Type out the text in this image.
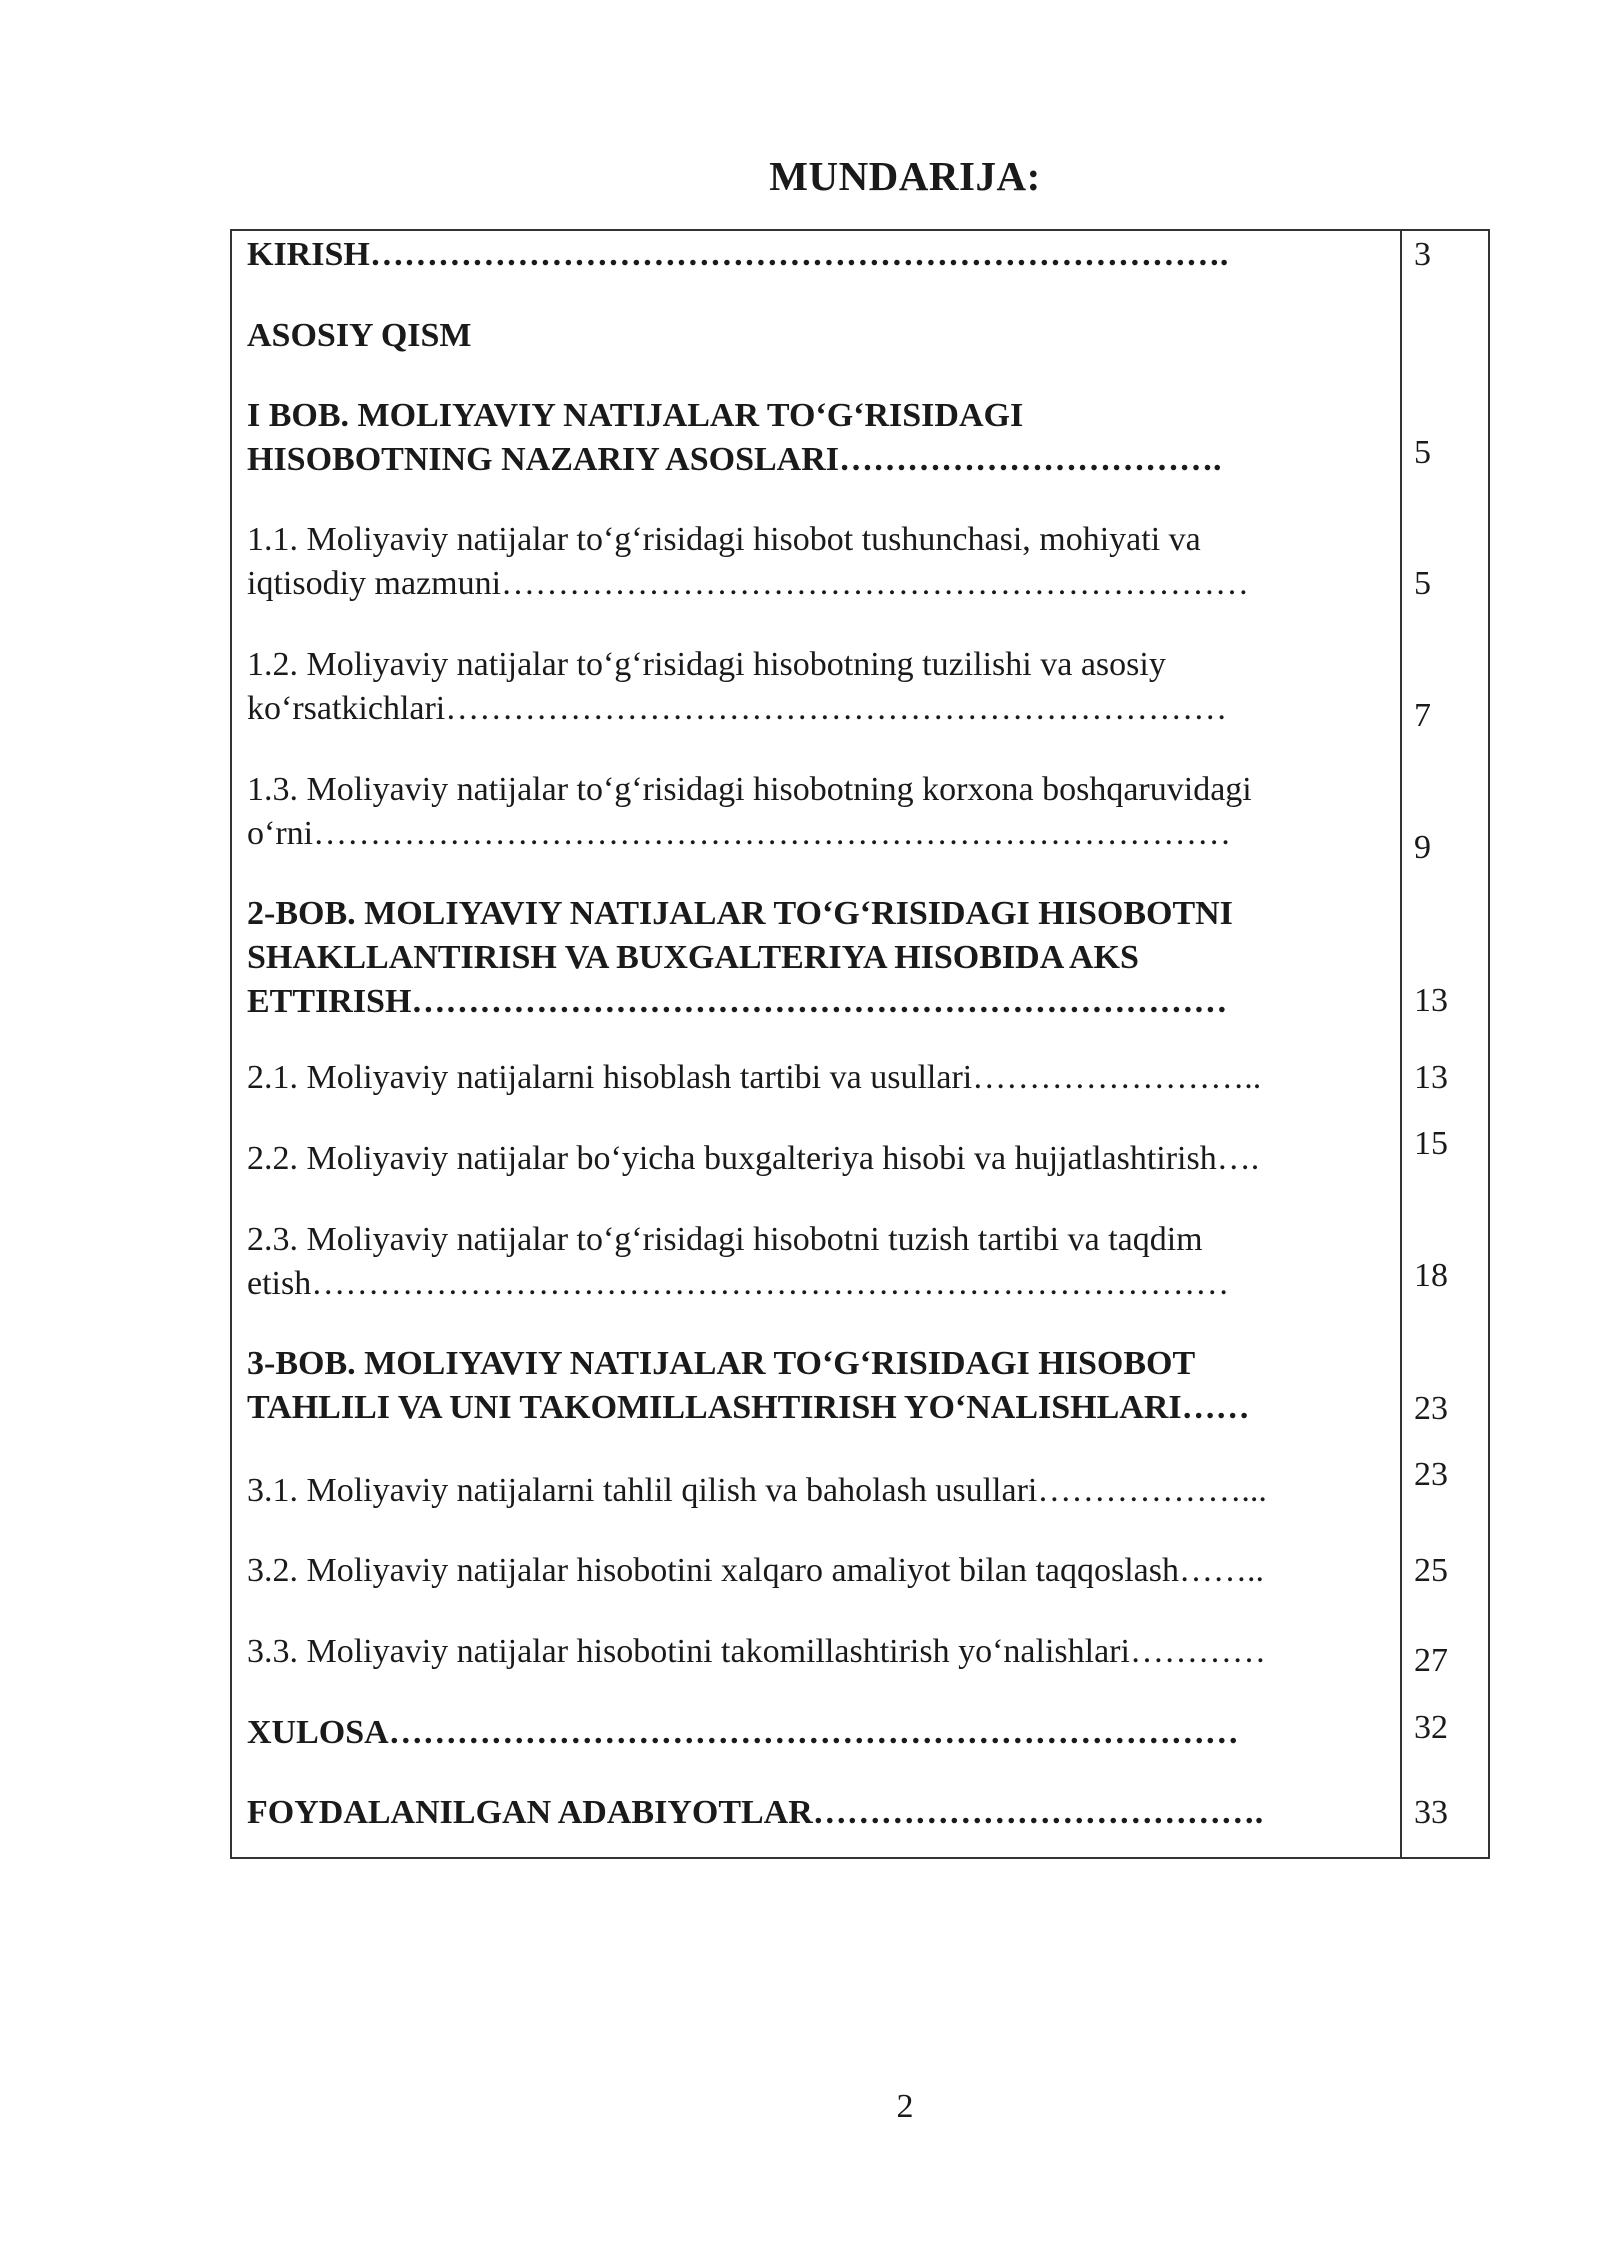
MUNDARIJA:
KIRISH………………………………………………………………….	3
ASOSIY QISM
I BOB. MOLIYAVIY NATIJALAR TO‘G‘RISIDAGI
HISOBOTNING NAZARIY ASOSLARI…………………………….	5
1.1. Moliyaviy natijalar to‘g‘risidagi hisobot tushunchasi, mohiyati va
iqtisodiy mazmuni…………………………………………………………	5
1.2. Moliyaviy natijalar to‘g‘risidagi hisobotning tuzilishi va asosiy
ko‘rsatkichlari……………………………………………………………	7
1.3. Moliyaviy natijalar to‘g‘risidagi hisobotning korxona boshqaruvidagi
o‘rni………………………………………………………………………	9
2-BOB. MOLIYAVIY NATIJALAR TO‘G‘RISIDAGI HISOBOTNI
SHAKLLANTIRISH VA BUXGALTERIYA HISOBIDA AKS
ETTIRISH………………………………………………………………	13
2.1. Moliyaviy natijalarni hisoblash tartibi va usullari……………………..	13
2.2. Moliyaviy natijalar bo‘yicha buxgalteriya hisobi va hujjatlashtirish….	15
2.3. Moliyaviy natijalar to‘g‘risidagi hisobotni tuzish tartibi va taqdim
etish………………………………………………………………………	18
3-BOB. MOLIYAVIY NATIJALAR TO‘G‘RISIDAGI HISOBOT
TAHLILI VA UNI TAKOMILLASHTIRISH YO‘NALISHLARI……	23
3.1. Moliyaviy natijalarni tahlil qilish va baholash usullari………………...	23
3.2. Moliyaviy natijalar hisobotini xalqaro amaliyot bilan taqqoslash……..	25
3.3. Moliyaviy natijalar hisobotini takomillashtirish yo‘nalishlari…………	27
XULOSA…………………………………………………………………	32
FOYDALANILGAN ADABIYOTLAR………………………………….	33
2
